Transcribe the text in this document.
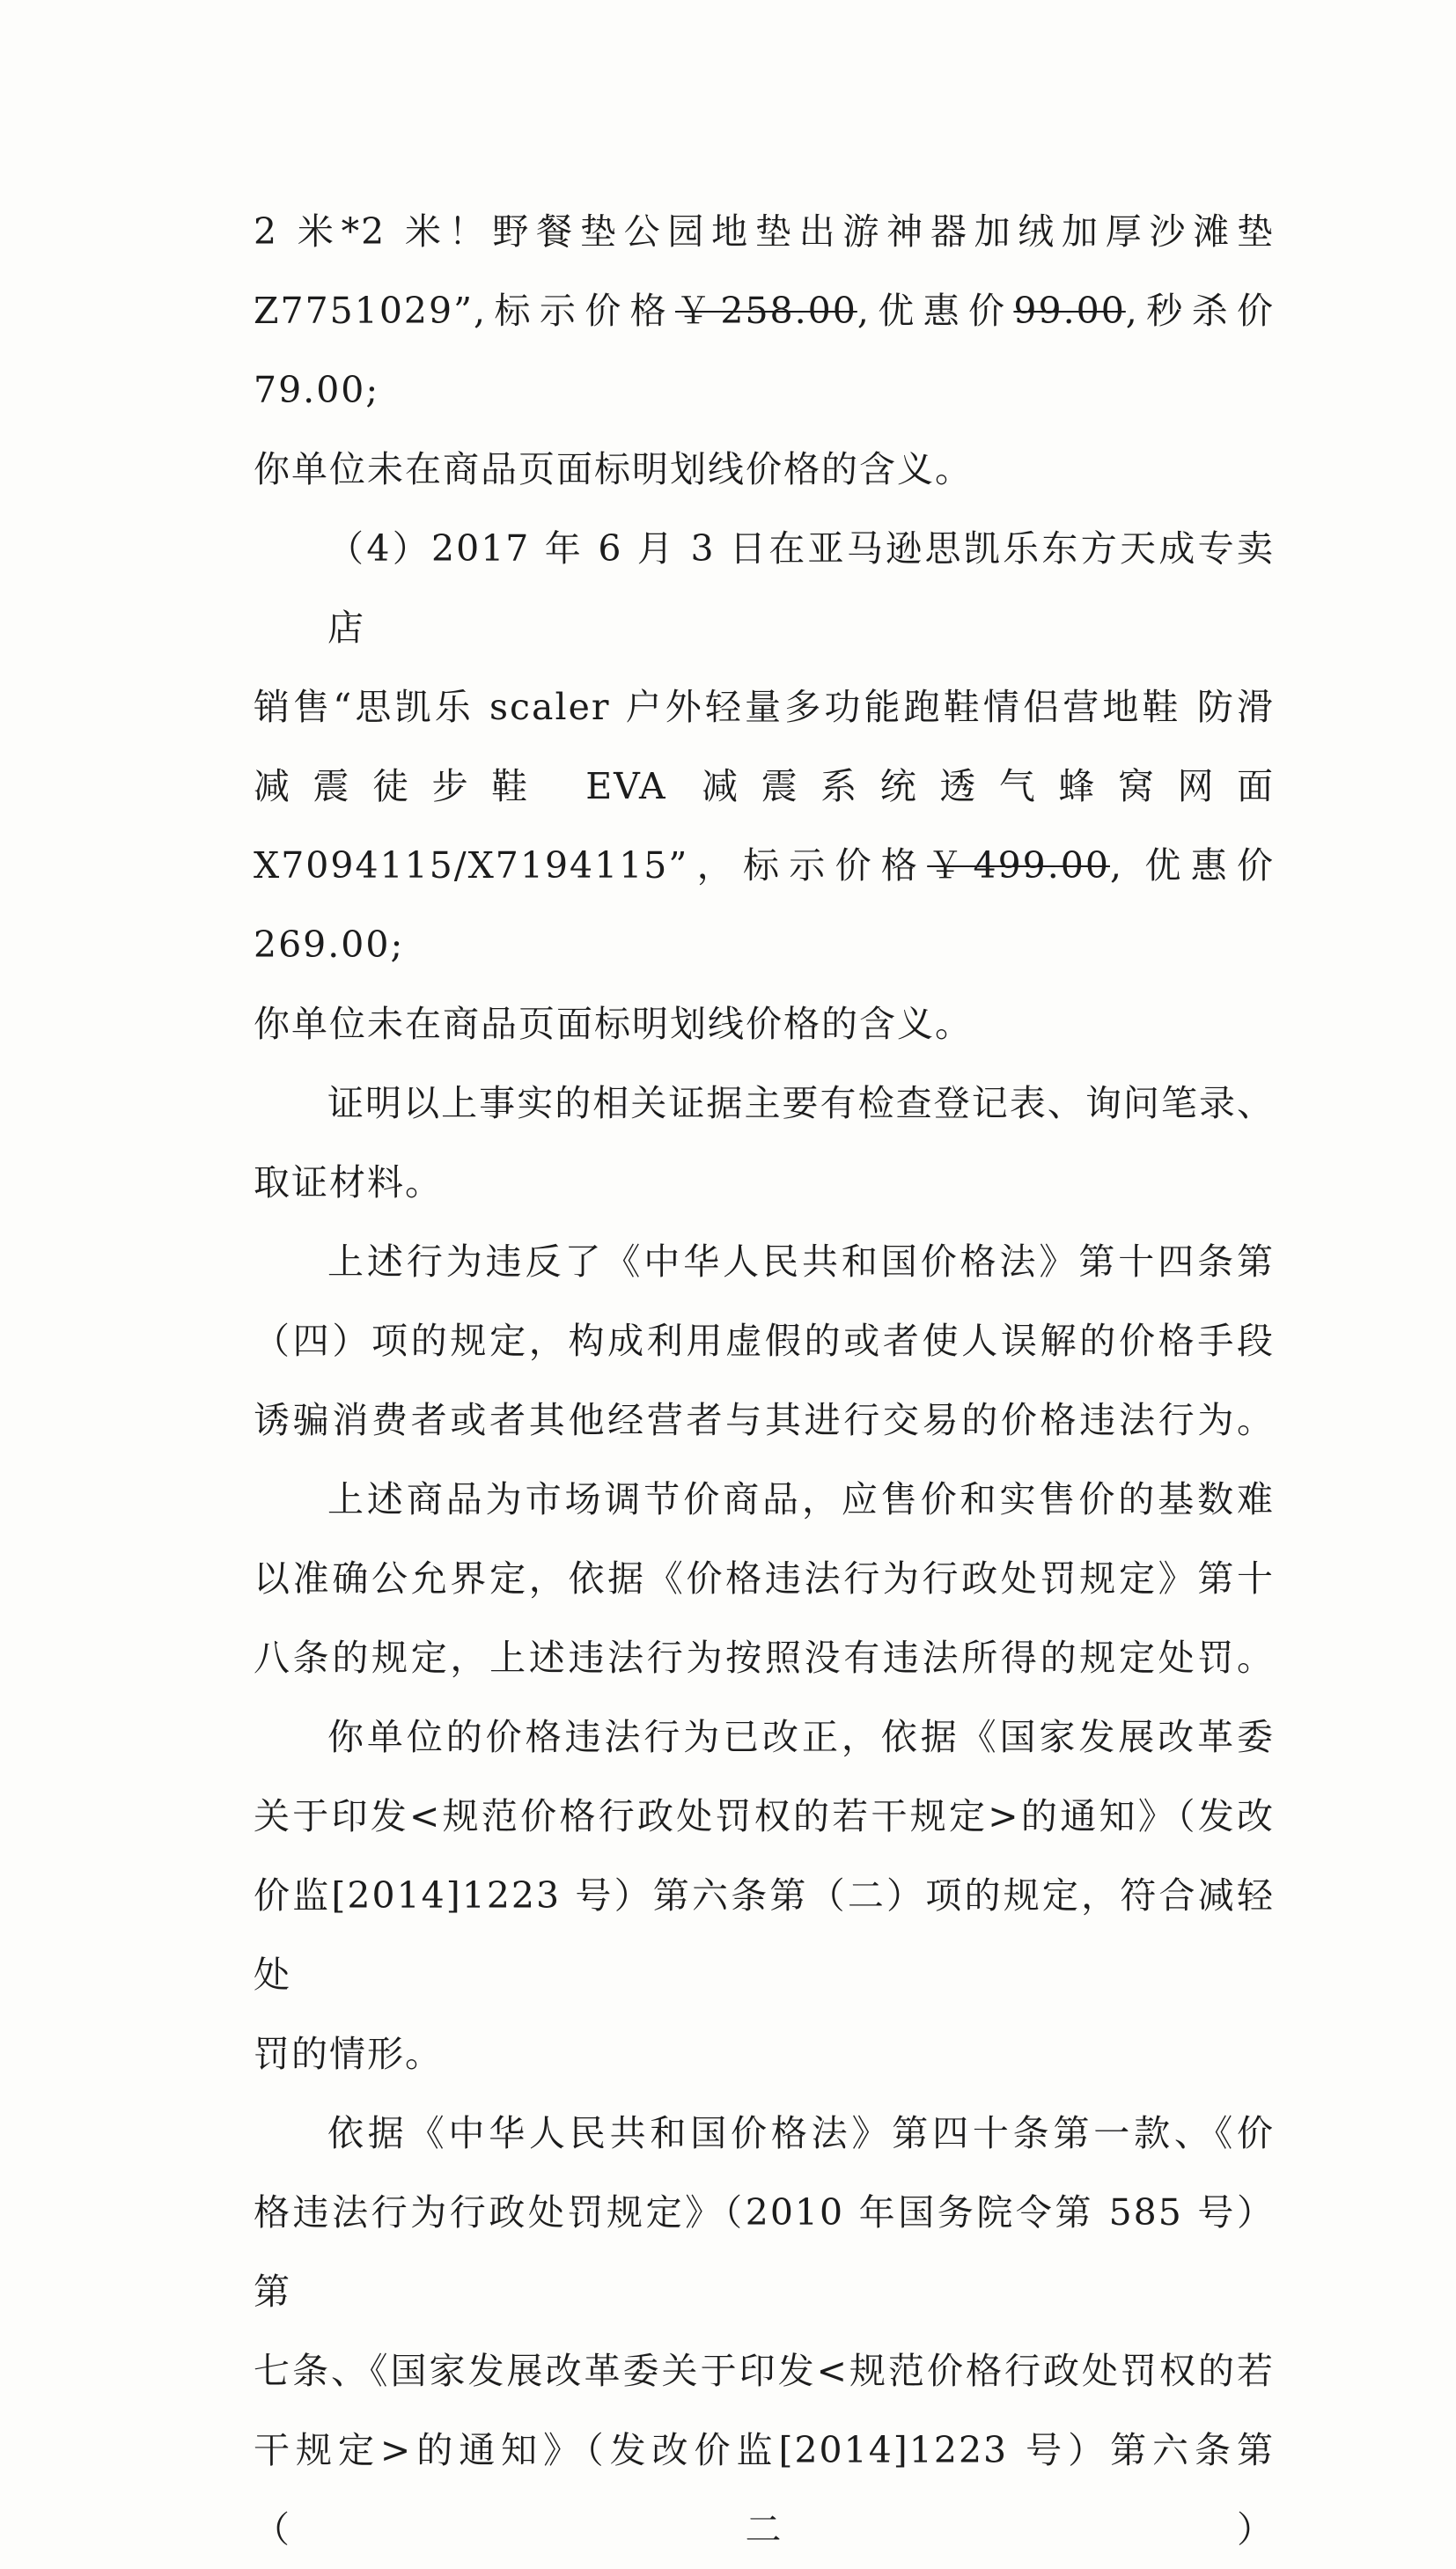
2 米*2 米！野餐垫公园地垫出游神器加绒加厚沙滩垫
Z7751029”,标示价格￥258.00,优惠价99.00,秒杀价 79.00;
你单位未在商品页面标明划线价格的含义。
（4）2017 年 6 月 3 日在亚马逊思凯乐东方天成专卖店
销售“思凯乐 scaler 户外轻量多功能跑鞋情侣营地鞋 防滑
减震徒步鞋 EVA 减震系统透气蜂窝网面
X7094115/X7194115”，标示价格￥499.00, 优惠价 269.00;
你单位未在商品页面标明划线价格的含义。
证明以上事实的相关证据主要有检查登记表、询问笔录、
取证材料。
上述行为违反了《中华人民共和国价格法》第十四条第
（四）项的规定，构成利用虚假的或者使人误解的价格手段
诱骗消费者或者其他经营者与其进行交易的价格违法行为。
上述商品为市场调节价商品，应售价和实售价的基数难
以准确公允界定，依据《价格违法行为行政处罚规定》第十
八条的规定，上述违法行为按照没有违法所得的规定处罚。
你单位的价格违法行为已改正，依据《国家发展改革委
关于印发<规范价格行政处罚权的若干规定>的通知》（发改
价监[2014]1223 号）第六条第（二）项的规定，符合减轻处
罚的情形。
依据《中华人民共和国价格法》第四十条第一款、《价
格违法行为行政处罚规定》（2010 年国务院令第 585 号）第
七条、《国家发展改革委关于印发<规范价格行政处罚权的若
干规定>的通知》（发改价监[2014]1223 号）第六条第（二）
